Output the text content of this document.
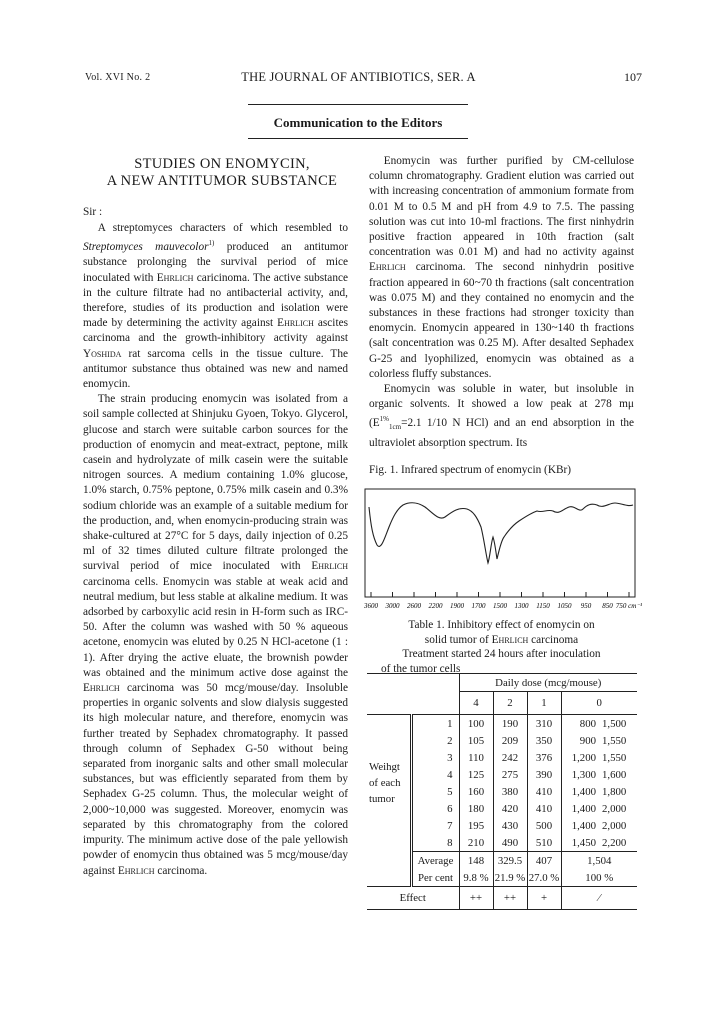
Vol. XVI No. 2	THE JOURNAL OF ANTIBIOTICS, SER. A	107
Communication to the Editors
STUDIES ON ENOMYCIN,
A NEW ANTITUMOR SUBSTANCE

Sir :

A streptomyces characters of which resembled to Streptomyces mauvecolor$^{1)}$ produced an antitumor substance prolonging the survival period of mice inoculated with Ehrlich caricinoma. The active substance in the culture filtrate had no antibacterial activity, and, therefore, studies of its production and isolation were made by determining the activity against Ehrlich ascites carcinoma and the growth-inhibitory activity against Yoshida rat sarcoma cells in the tissue culture. The antitumor substance thus obtained was new and named enomycin.

The strain producing enomycin was isolated from a soil sample collected at Shinjuku Gyoen, Tokyo. Glycerol, glucose and starch were suitable carbon sources for the production of enomycin and meat-extract, peptone, milk casein and hydrolyzate of milk casein were the suitable nitrogen sources. A medium containing 1.0% glucose, 1.0% starch, 0.75% peptone, 0.75% milk casein and 0.3% sodium chloride was an example of a suitable medium for the production, and, when enomycin-producing strain was shake-cultured at 27°C for 5 days, daily injection of 0.25 ml of 32 times diluted culture filtrate prolonged the survival period of mice inoculated with Ehrlich carcinoma cells. Enomycin was stable at weak acid and neutral medium, but less stable at alkaline medium. It was adsorbed by carboxylic acid resin in H-form such as IRC-50. After the column was washed with 50 % aqueous acetone, enomycin was eluted by 0.25 N HCl-acetone (1 : 1). After drying the active eluate, the brownish powder was obtained and the minimum active dose against the Ehrlich carcinoma was 50 mcg/mouse/day. Insoluble properties in organic solvents and slow dialysis suggested its high molecular nature, and therefore, enomycin was further treated by Sephadex chromatography. It passed through column of Sephadex G-50 without being separated from inorganic salts and other small molecular substances, but was efficiently separated from them by Sephadex G-25 column. Thus, the molecular weight of 2,000~10,000 was suggested. Moreover, enomycin was separated by this chromatography from the colored impurity. The minimum active dose of the pale yellowish powder of enomycin thus obtained was 5 mcg/mouse/day against Ehrlich carcinoma.

Enomycin was further purified by CM-cellulose column chromatography. Gradient elution was carried out with increasing concentration of ammonium formate from 0.01 M to 0.5 M and pH from 4.9 to 7.5. The passing solution was cut into 10-ml fractions. The first ninhydrin positive fraction appeared in 10th fraction (salt concentration was 0.01 M) and had no activity against Ehrlich carcinoma. The second ninhydrin positive fraction appeared in 60~70 th fractions (salt concentration was 0.075 M) and they contained no enomycin and the substances in these fractions had stronger toxicity than enomycin. Enomycin appeared in 130~140 th fractions (salt concentration was 0.25 M). After desalted Sephadex G-25 and lyophilized, enomycin was obtained as a colorless fluffy substances.

Enomycin was soluble in water, but insoluble in organic solvents. It showed a low peak at 278 mμ ($E^{1\%}_{1cm}=2.1$ 1/10 N HCl) and an end absorption in the ultraviolet absorption spectrum. Its

Fig. 1. Infrared spectrum of enomycin (KBr)
3600 3000 2600 2200 1900 1700 1500 1300 1150 1050 950 850 750 cm⁻¹
Table 1. Inhibitory effect of enomycin on
solid tumor of Ehrlich carcinoma
Treatment started 24 hours after inoculation
of the tumor cells
		Daily dose (mcg/mouse)				
		4	2	1	0	

Weihgt
of each
tumor	1	100	190	310	800	1,500
	2	105	209	350	900	1,550
	3	110	242	376	1,200	1,550
	4	125	275	390	1,300	1,600
	5	160	380	410	1,400	1,800
	6	180	420	410	1,400	2,000
	7	195	430	500	1,400	2,000
	8	210	490	510	1,450	2,200
	Average	148	329.5	407	1,504	
	Per cent	9.8 %	21.9 %	27.0 %	100 %	
Effect		++	++	+	⁄	
